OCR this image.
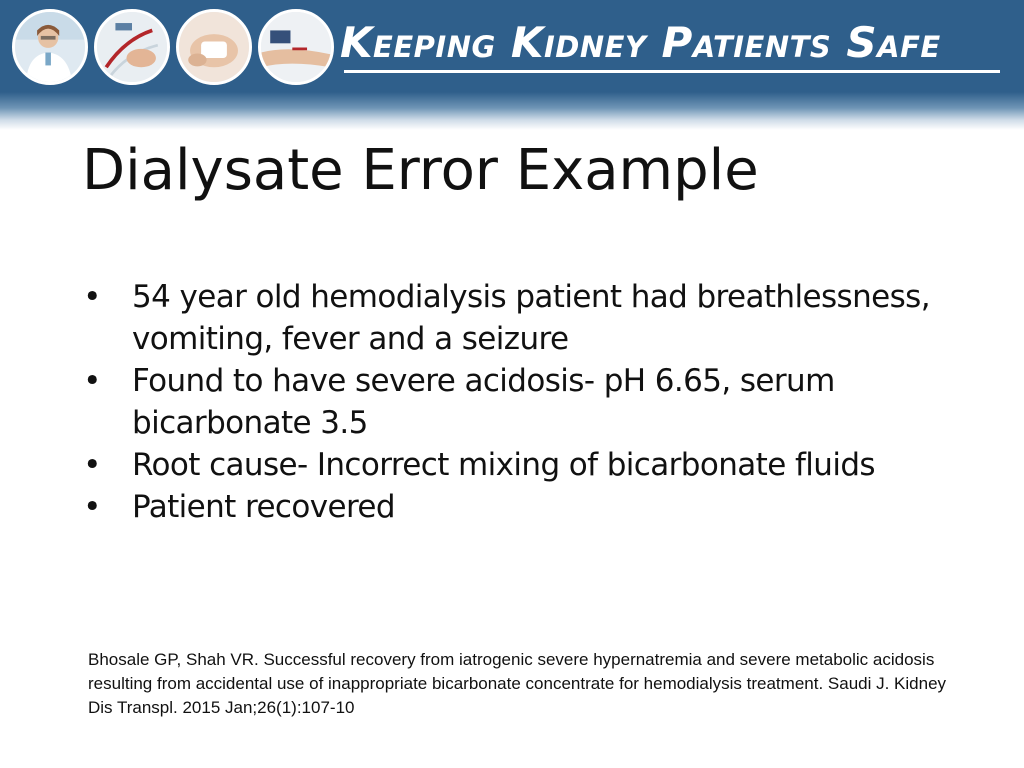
Keeping Kidney Patients Safe
Dialysate Error Example
• 54 year old hemodialysis patient had breathlessness, vomiting, fever and a seizure
• Found to have severe acidosis- pH 6.65, serum bicarbonate 3.5
• Root cause- Incorrect mixing of bicarbonate fluids
• Patient recovered
Bhosale GP, Shah VR. Successful recovery from iatrogenic severe hypernatremia and severe metabolic acidosis resulting from accidental use of inappropriate bicarbonate concentrate for hemodialysis treatment. Saudi J. Kidney Dis Transpl. 2015 Jan;26(1):107-10
